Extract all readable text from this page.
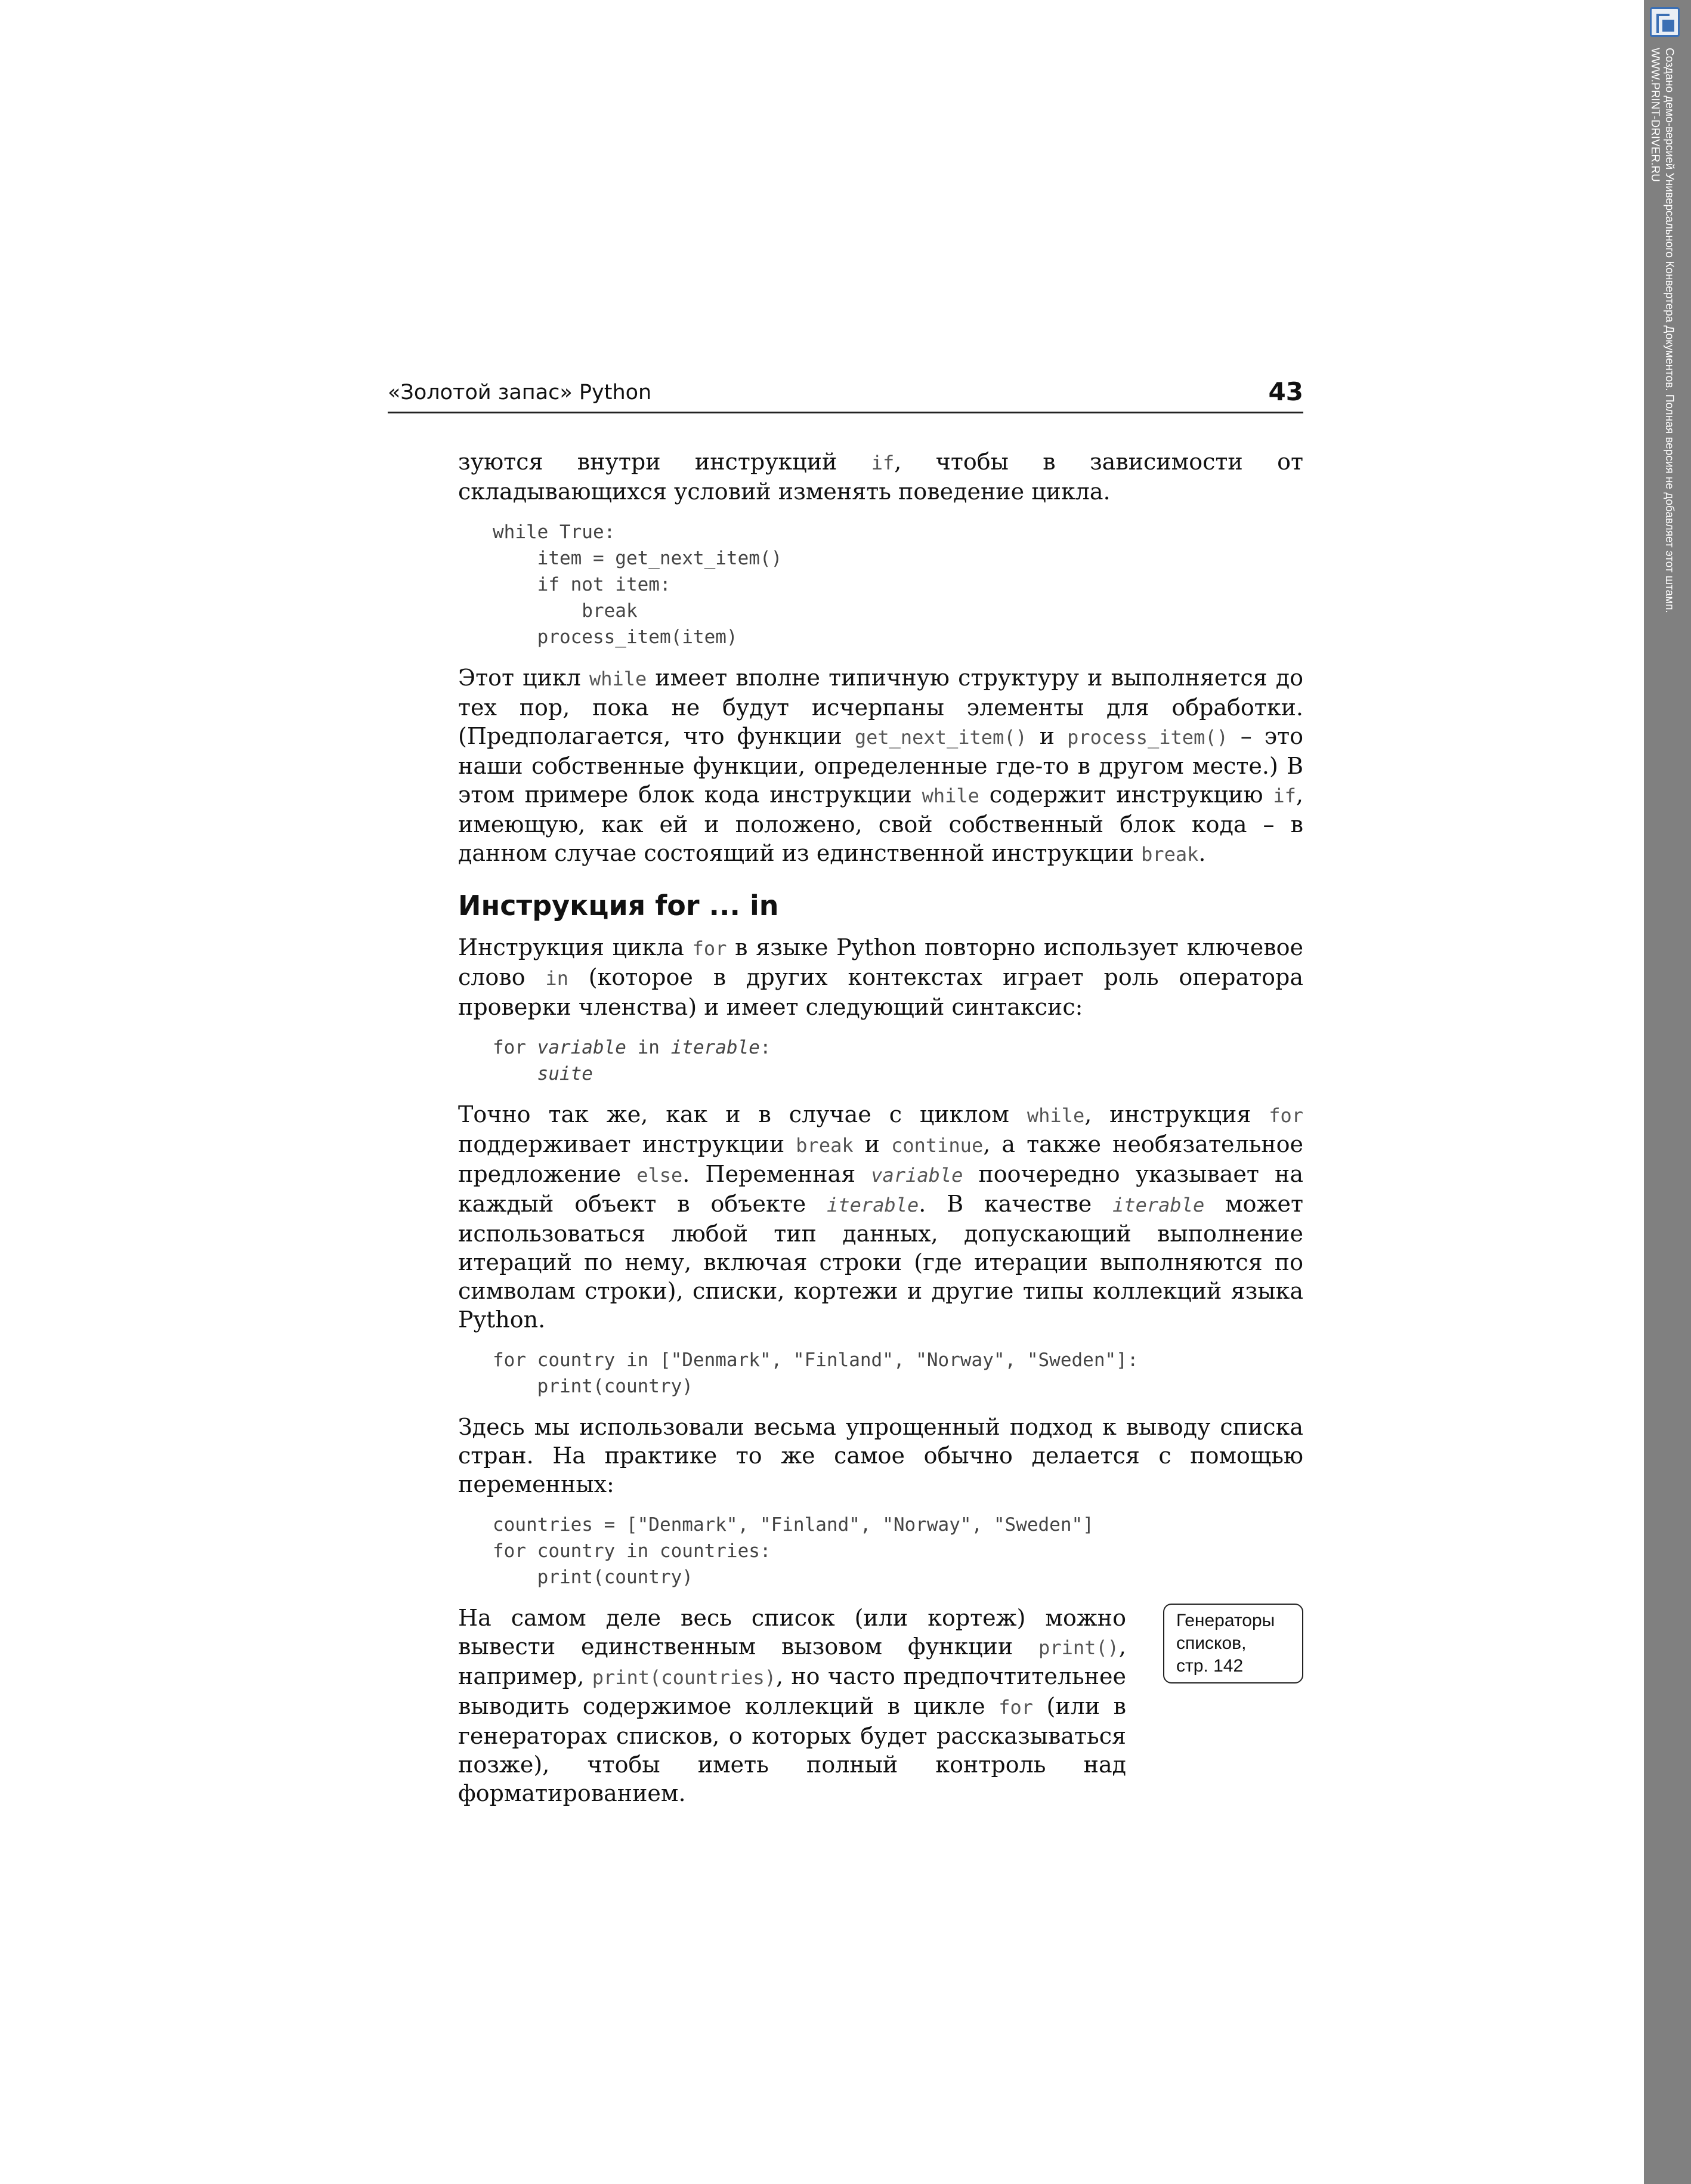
Создано демо-версией Универсального Конвертера Документов. Полная версия не добавляет этот штамп.
WWW.PRINT-DRIVER.RU
«Золотой запас» Python	43

зуются внутри инструкций if, чтобы в зависимости от складывающихся условий изменять поведение цикла.

while True:
item = get_next_item()
if not item:
break
process_item(item)

Этот цикл while имеет вполне типичную структуру и выполняется до тех пор, пока не будут исчерпаны элементы для обработки. (Предполагается, что функции get_next_item() и process_item() – это наши собственные функции, определенные где-то в другом месте.) В этом примере блок кода инструкции while содержит инструкцию if, имеющую, как ей и положено, свой собственный блок кода – в данном случае состоящий из единственной инструкции break.

Инструкция for ... in

Инструкция цикла for в языке Python повторно использует ключевое слово in (которое в других контекстах играет роль оператора проверки членства) и имеет следующий синтаксис:

for variable in iterable:
suite

Точно так же, как и в случае с циклом while, инструкция for поддерживает инструкции break и continue, а также необязательное предложение else. Переменная variable поочередно указывает на каждый объект в объекте iterable. В качестве iterable может использоваться любой тип данных, допускающий выполнение итераций по нему, включая строки (где итерации выполняются по символам строки), списки, кортежи и другие типы коллекций языка Python.

for country in ["Denmark", "Finland", "Norway", "Sweden"]:
print(country)

Здесь мы использовали весьма упрощенный подход к выводу списка стран. На практике то же самое обычно делается с помощью переменных:

countries = ["Denmark", "Finland", "Norway", "Sweden"]
for country in countries:
print(country)

На самом деле весь список (или кортеж) можно вывести единственным вызовом функции print(), например, print(countries), но часто предпочтительнее выводить содержимое коллекций в цикле for (или в генераторах списков, о которых будет рассказываться позже), чтобы иметь полный контроль над форматированием.

Генераторы
списков,
стр. 142
